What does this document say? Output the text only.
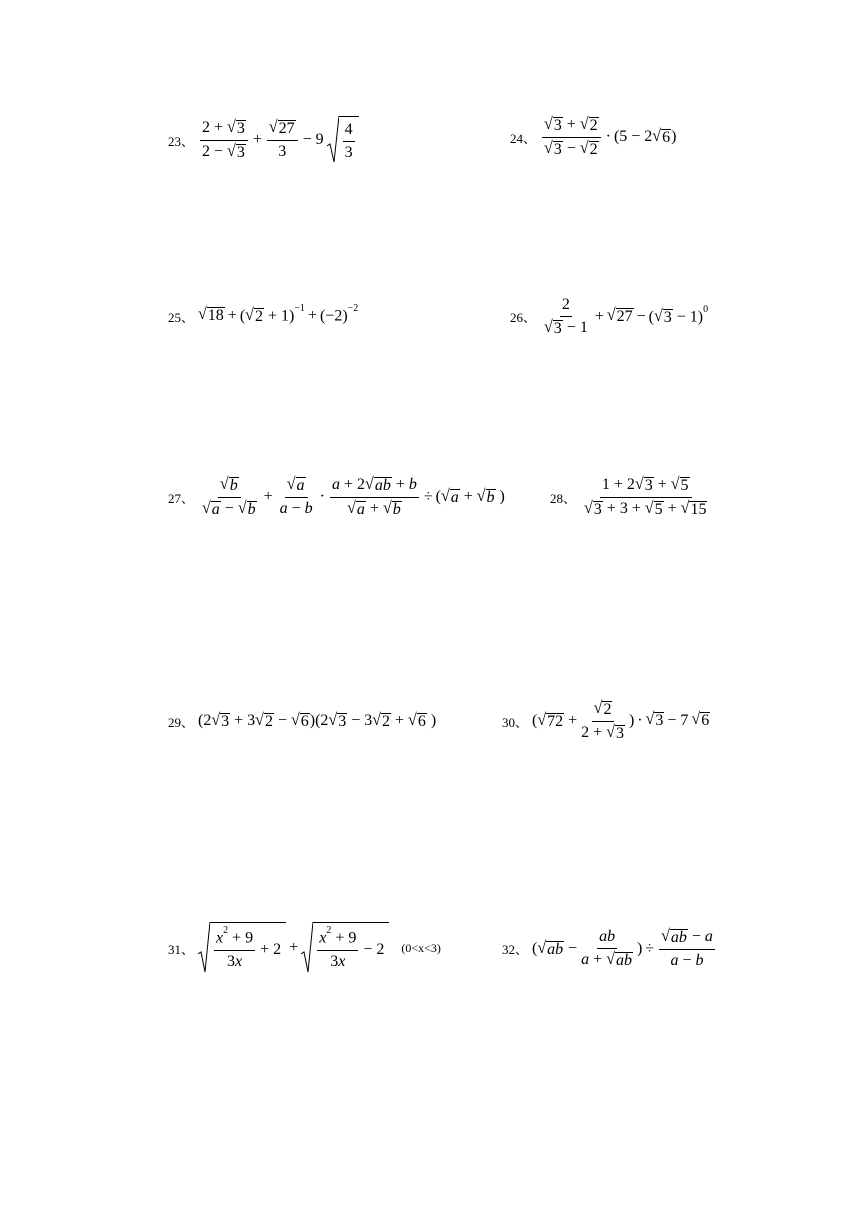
23、 $\frac{2 + √ 3}{2 - √ 3} + \frac{√ 27}{3} - 9 \frac{4}{3}$	24、 $\frac{√ 3 + √ 2}{√ 3 - √ 2} \cdot (5 - 2$ √ 6 )
25、 √ 18 + ( √ $2 + 1)^{-1} + (-2)^{-2}$
26、 $\frac{2}{√ 3 - 1}$ + √ 27 − ( √ 3 − 1)$^0$
27、 $\frac{√ b}{√ a - √ b} + \frac{√ a}{a - b} \cdot \frac{a + 2 √ ab + b}{√ a + √ b}$ ÷ ( √ a + √ b )	28、 $\frac{1 + 2 √ 3 + √ 5}{√ 3 + 3 + √ 5 + √ 15}$
29、 (2 √ 3 + 3 √ 2 − √ 6 )(2 √ 3 − 3 √ 2 + √ 6 )	30、 ( √ $72 + \frac{√ 2}{2 + √ 3}$ ) · √ 3 − 7 √ 6
31、 $\frac{x^2 + 9}{3x} + 2 + \frac{x^2 + 9}{3x} - 2$ (0<x<3)	32、 ( √ ab − $\frac{ab}{a + √ ab}$ ) ÷ $\frac{√ ab - a}{a - b}$
